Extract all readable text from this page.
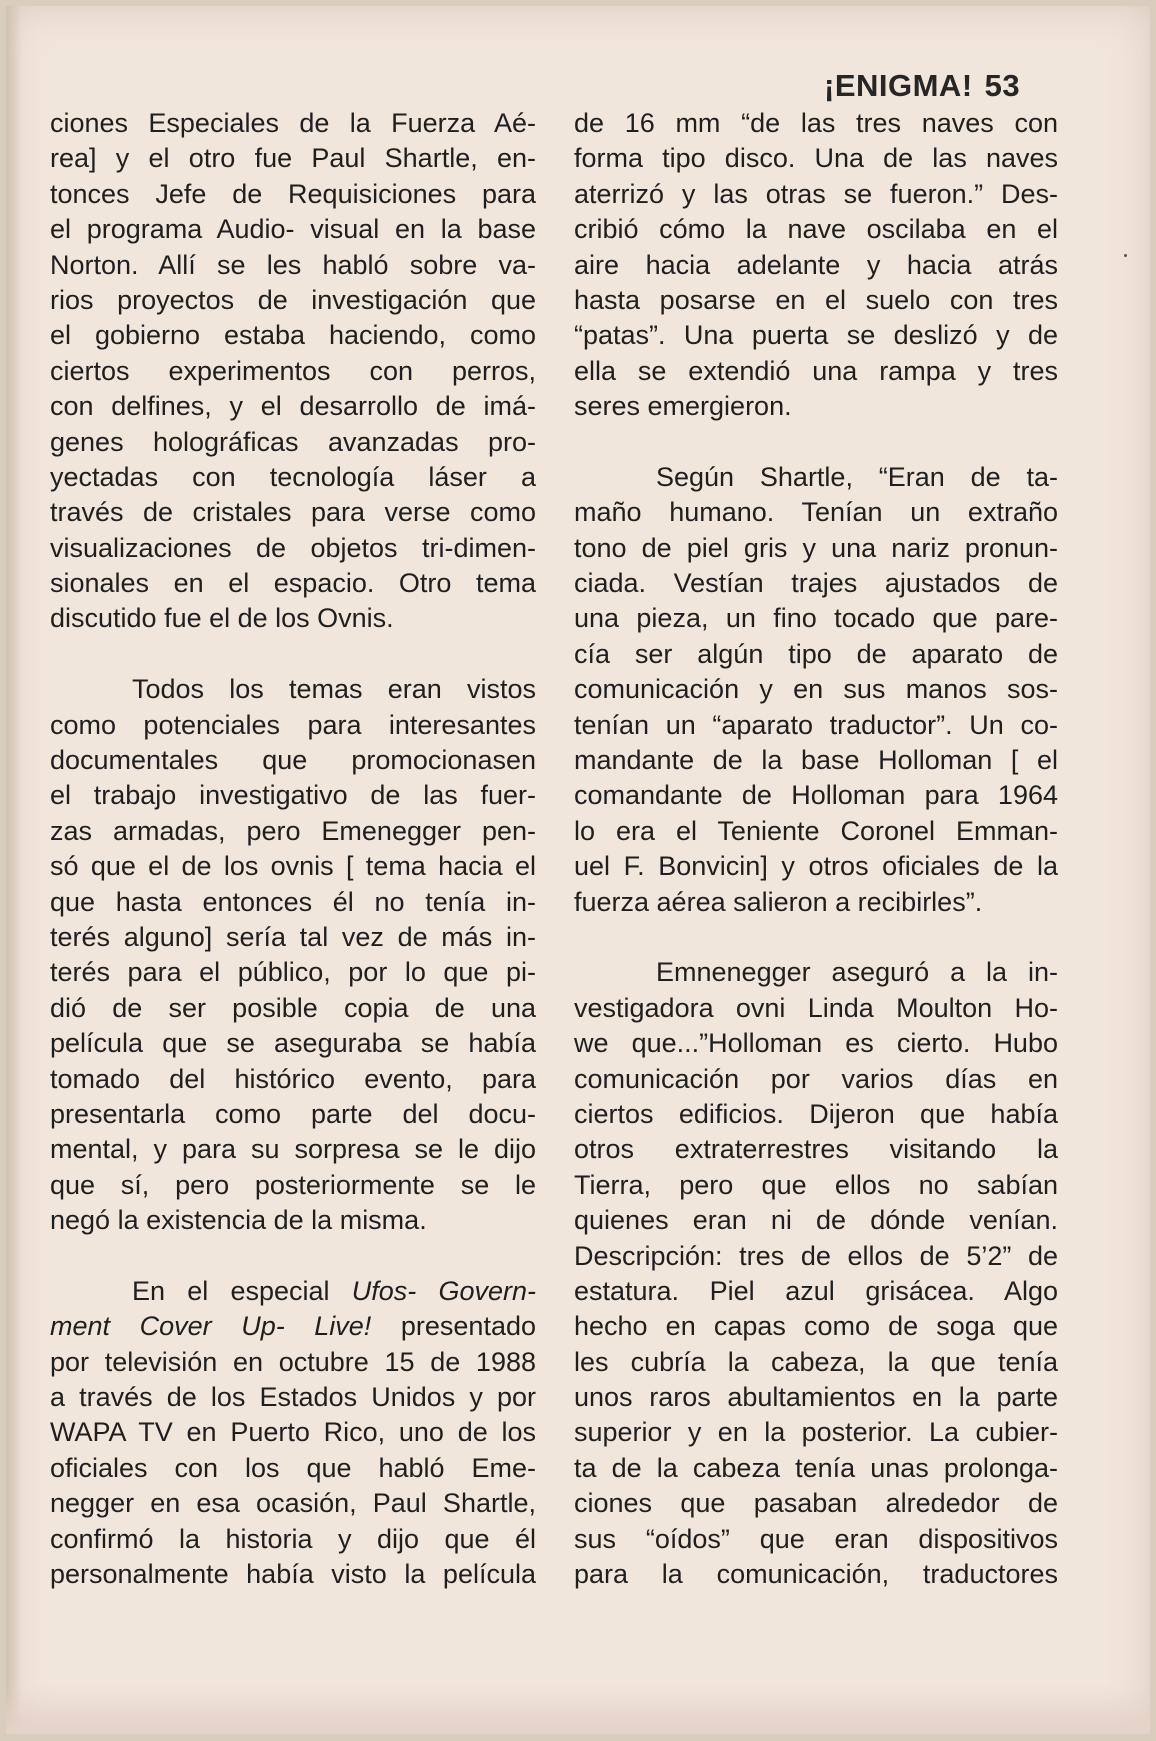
¡ENIGMA! 53
ciones Especiales de la Fuerza Aé-
rea] y el otro fue Paul Shartle, en-
tonces Jefe de Requisiciones para
el programa Audio- visual en la base
Norton. Allí se les habló sobre va-
rios proyectos de investigación que
el gobierno estaba haciendo, como
ciertos experimentos con perros,
con delfines, y el desarrollo de imá-
genes holográficas avanzadas pro-
yectadas con tecnología láser a
través de cristales para verse como
visualizaciones de objetos tri-dimen-
sionales en el espacio. Otro tema
discutido fue el de los Ovnis.
Todos los temas eran vistos
como potenciales para interesantes
documentales que promocionasen
el trabajo investigativo de las fuer-
zas armadas, pero Emenegger pen-
só que el de los ovnis [ tema hacia el
que hasta entonces él no tenía in-
terés alguno] sería tal vez de más in-
terés para el público, por lo que pi-
dió de ser posible copia de una
película que se aseguraba se había
tomado del histórico evento, para
presentarla como parte del docu-
mental, y para su sorpresa se le dijo
que sí, pero posteriormente se le
negó la existencia de la misma.
En el especial Ufos- Govern-
ment Cover Up- Live! presentado
por televisión en octubre 15 de 1988
a través de los Estados Unidos y por
WAPA TV en Puerto Rico, uno de los
oficiales con los que habló Eme-
negger en esa ocasión, Paul Shartle,
confirmó la historia y dijo que él
personalmente había visto la película
de 16 mm “de las tres naves con
forma tipo disco. Una de las naves
aterrizó y las otras se fueron.” Des-
cribió cómo la nave oscilaba en el
aire hacia adelante y hacia atrás
hasta posarse en el suelo con tres
“patas”. Una puerta se deslizó y de
ella se extendió una rampa y tres
seres emergieron.
Según Shartle, “Eran de ta-
maño humano. Tenían un extraño
tono de piel gris y una nariz pronun-
ciada. Vestían trajes ajustados de
una pieza, un fino tocado que pare-
cía ser algún tipo de aparato de
comunicación y en sus manos sos-
tenían un “aparato traductor”. Un co-
mandante de la base Holloman [ el
comandante de Holloman para 1964
lo era el Teniente Coronel Emman-
uel F. Bonvicin] y otros oficiales de la
fuerza aérea salieron a recibirles”.
Emnenegger aseguró a la in-
vestigadora ovni Linda Moulton Ho-
we que...”Holloman es cierto. Hubo
comunicación por varios días en
ciertos edificios. Dijeron que había
otros extraterrestres visitando la
Tierra, pero que ellos no sabían
quienes eran ni de dónde venían.
Descripción: tres de ellos de 5’2” de
estatura. Piel azul grisácea. Algo
hecho en capas como de soga que
les cubría la cabeza, la que tenía
unos raros abultamientos en la parte
superior y en la posterior. La cubier-
ta de la cabeza tenía unas prolonga-
ciones que pasaban alrededor de
sus “oídos” que eran dispositivos
para la comunicación, traductores
